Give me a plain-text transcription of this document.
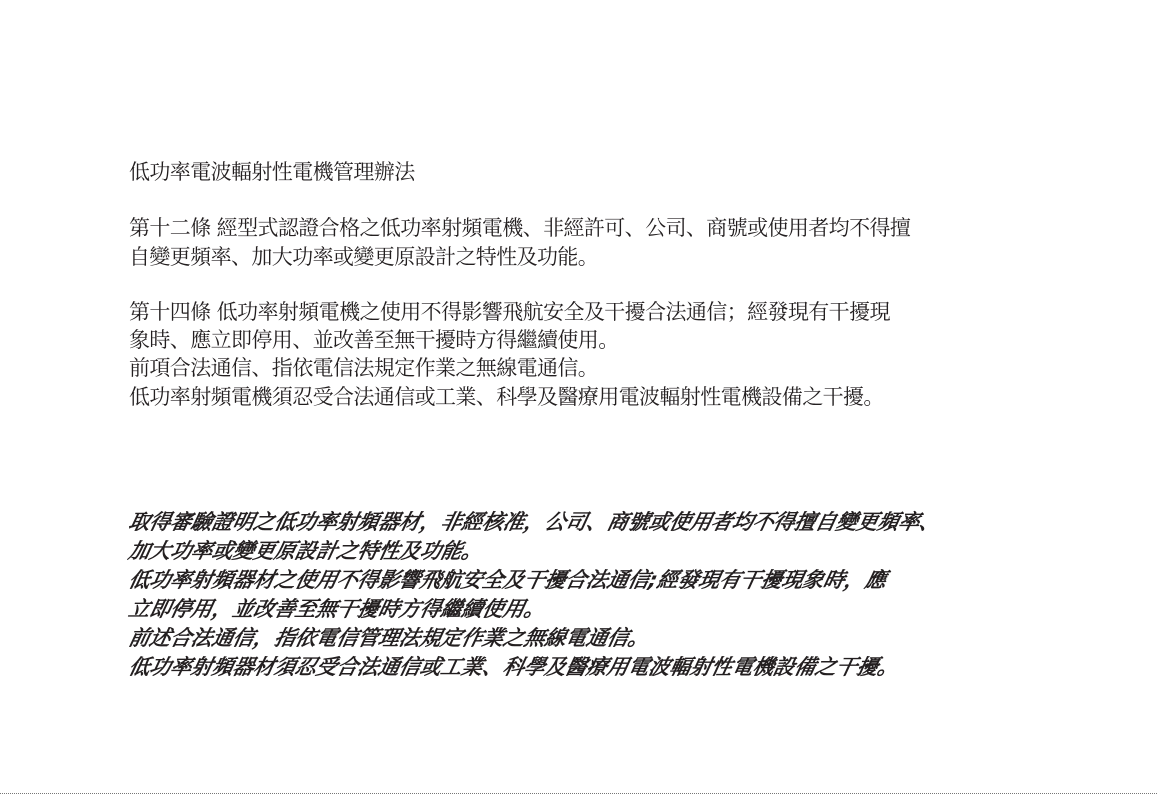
低功率電波輻射性電機管理辦法
第十二條 經型式認證合格之低功率射頻電機、非經許可、公司、商號或使用者均不得擅
自變更頻率、加大功率或變更原設計之特性及功能。
第十四條 低功率射頻電機之使用不得影響飛航安全及干擾合法通信；經發現有干擾現
象時、應立即停用、並改善至無干擾時方得繼續使用。
前項合法通信、指依電信法規定作業之無線電通信。
低功率射頻電機須忍受合法通信或工業、科學及醫療用電波輻射性電機設備之干擾。
取得審驗證明之低功率射頻器材，非經核准，公司、商號或使用者均不得擅自變更頻率、
加大功率或變更原設計之特性及功能。
低功率射頻器材之使用不得影響飛航安全及干擾合法通信;經發現有干擾現象時，應
立即停用，並改善至無干擾時方得繼續使用。
前述合法通信，指依電信管理法規定作業之無線電通信。
低功率射頻器材須忍受合法通信或工業、科學及醫療用電波輻射性電機設備之干擾。
